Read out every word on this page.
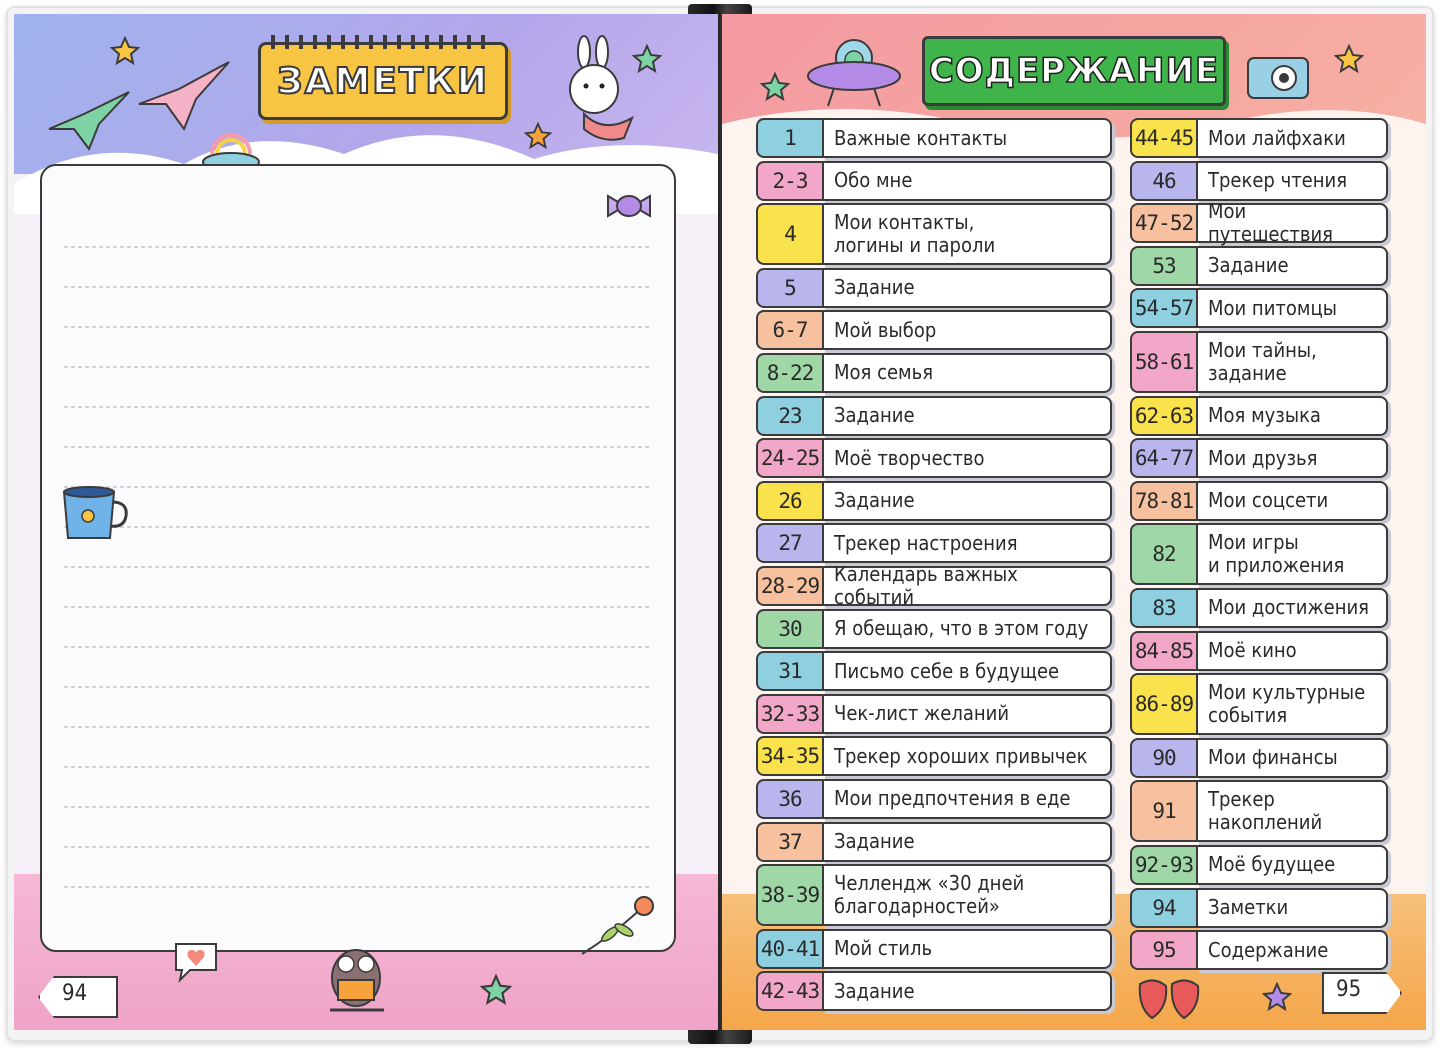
ЗАМЕТКИ
94
СОДЕРЖАНИЕ
1	Важные контакты
2-3	Обо мне
4	Мои контакты,
логины и пароли
5	Задание
6-7	Мой выбор
8-22	Моя семья
23	Задание
24-25 Моё творчество
26	Задание
27	Трекер настроения
28-29 Календарь важных событий
30	Я обещаю, что в этом году
31	Письмо себе в будущее
32-33 Чек-лист желаний
34-35 Трекер хороших привычек
36	Мои предпочтения в еде
37	Задание
38-39 Челлендж «30 дней
благодарностей»
40-41 Мой стиль
42-43 Задание
44-45 Мои лайфхаки
46	Трекер чтения
47-52 Мои путешествия
53	Задание
54-57 Мои питомцы
58-61 Мои тайны,
задание
62-63 Моя музыка
64-77 Мои друзья
78-81 Мои соцсети
82	Мои игры
и приложения
83	Мои достижения
84-85 Моё кино
86-89 Мои культурные
события
90	Мои финансы
91	Трекер
накоплений
92-93 Моё будущее
94	Заметки
95	Содержание
95
